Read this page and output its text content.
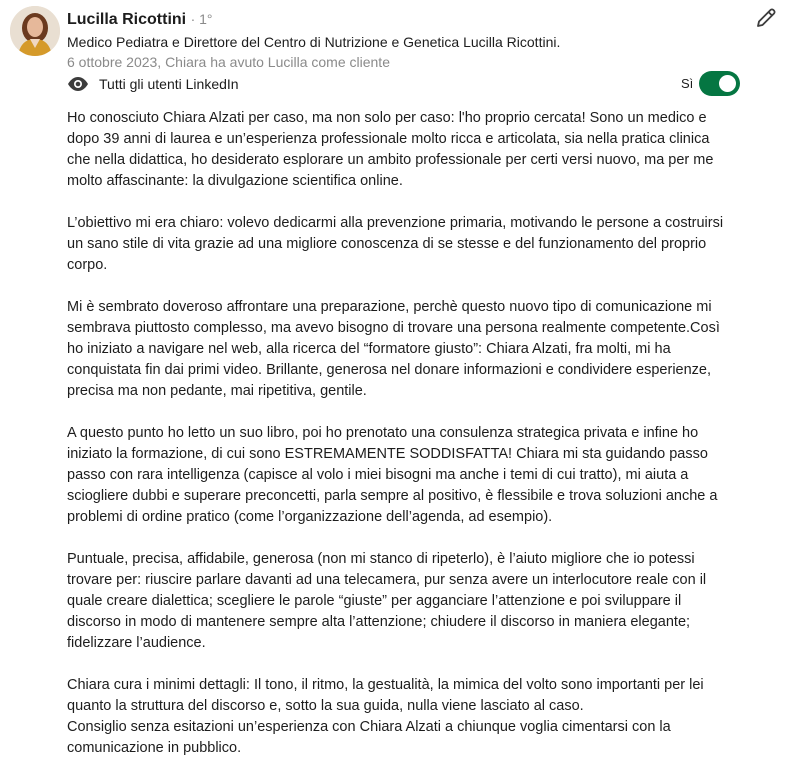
Lucilla Ricottini · 1°
Medico Pediatra e Direttore del Centro di Nutrizione e Genetica Lucilla Ricottini.
6 ottobre 2023, Chiara ha avuto Lucilla come cliente
Tutti gli utenti LinkedIn	Sì

Ho conosciuto Chiara Alzati per caso, ma non solo per caso: l'ho proprio cercata! Sono un medico e
dopo 39 anni di laurea e un’esperienza professionale molto ricca e articolata, sia nella pratica clinica
che nella didattica, ho desiderato esplorare un ambito professionale per certi versi nuovo, ma per me
molto affascinante: la divulgazione scientifica online.

L’obiettivo mi era chiaro: volevo dedicarmi alla prevenzione primaria, motivando le persone a costruirsi
un sano stile di vita grazie ad una migliore conoscenza di se stesse e del funzionamento del proprio
corpo.

Mi è sembrato doveroso affrontare una preparazione, perchè questo nuovo tipo di comunicazione mi
sembrava piuttosto complesso, ma avevo bisogno di trovare una persona realmente competente.Così
ho iniziato a navigare nel web, alla ricerca del “formatore giusto”: Chiara Alzati, fra molti, mi ha
conquistata fin dai primi video. Brillante, generosa nel donare informazioni e condividere esperienze,
precisa ma non pedante, mai ripetitiva, gentile.

A questo punto ho letto un suo libro, poi ho prenotato una consulenza strategica privata e infine ho
iniziato la formazione, di cui sono ESTREMAMENTE SODDISFATTA! Chiara mi sta guidando passo
passo con rara intelligenza (capisce al volo i miei bisogni ma anche i temi di cui tratto), mi aiuta a
sciogliere dubbi e superare preconcetti, parla sempre al positivo, è flessibile e trova soluzioni anche a
problemi di ordine pratico (come l’organizzazione dell’agenda, ad esempio).

Puntuale, precisa, affidabile, generosa (non mi stanco di ripeterlo), è l’aiuto migliore che io potessi
trovare per: riuscire parlare davanti ad una telecamera, pur senza avere un interlocutore reale con il
quale creare dialettica; scegliere le parole “giuste” per agganciare l’attenzione e poi sviluppare il
discorso in modo di mantenere sempre alta l’attenzione; chiudere il discorso in maniera elegante;
fidelizzare l’audience.

Chiara cura i minimi dettagli: Il tono, il ritmo, la gestualità, la mimica del volto sono importanti per lei
quanto la struttura del discorso e, sotto la sua guida, nulla viene lasciato al caso.
Consiglio senza esitazioni un’esperienza con Chiara Alzati a chiunque voglia cimentarsi con la
comunicazione in pubblico.
